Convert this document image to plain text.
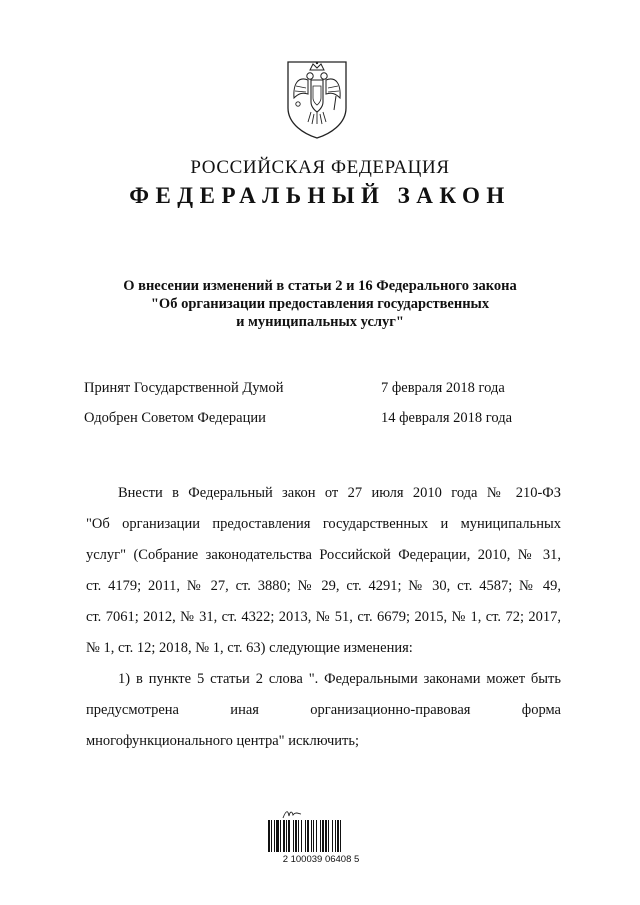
РОССИЙСКАЯ ФЕДЕРАЦИЯ
ФЕДЕРАЛЬНЫЙ ЗАКОН
О внесении изменений в статьи 2 и 16 Федерального закона
"Об организации предоставления государственных
и муниципальных услуг"
Принят Государственной Думой	7 февраля 2018 года
Одобрен Советом Федерации	14 февраля 2018 года
Внести в Федеральный закон от 27 июля 2010 года № 210-ФЗ
"Об организации предоставления государственных и муниципальных
услуг" (Собрание законодательства Российской Федерации, 2010, № 31,
ст. 4179; 2011, № 27, ст. 3880; № 29, ст. 4291; № 30, ст. 4587; № 49,
ст. 7061; 2012, № 31, ст. 4322; 2013, № 51, ст. 6679; 2015, № 1, ст. 72; 2017,
№ 1, ст. 12; 2018, № 1, ст. 63) следующие изменения:
1) в пункте 5 статьи 2 слова ". Федеральными законами может быть
предусмотрена иная организационно-правовая форма
многофункционального центра" исключить;
2 100039 06408 5
